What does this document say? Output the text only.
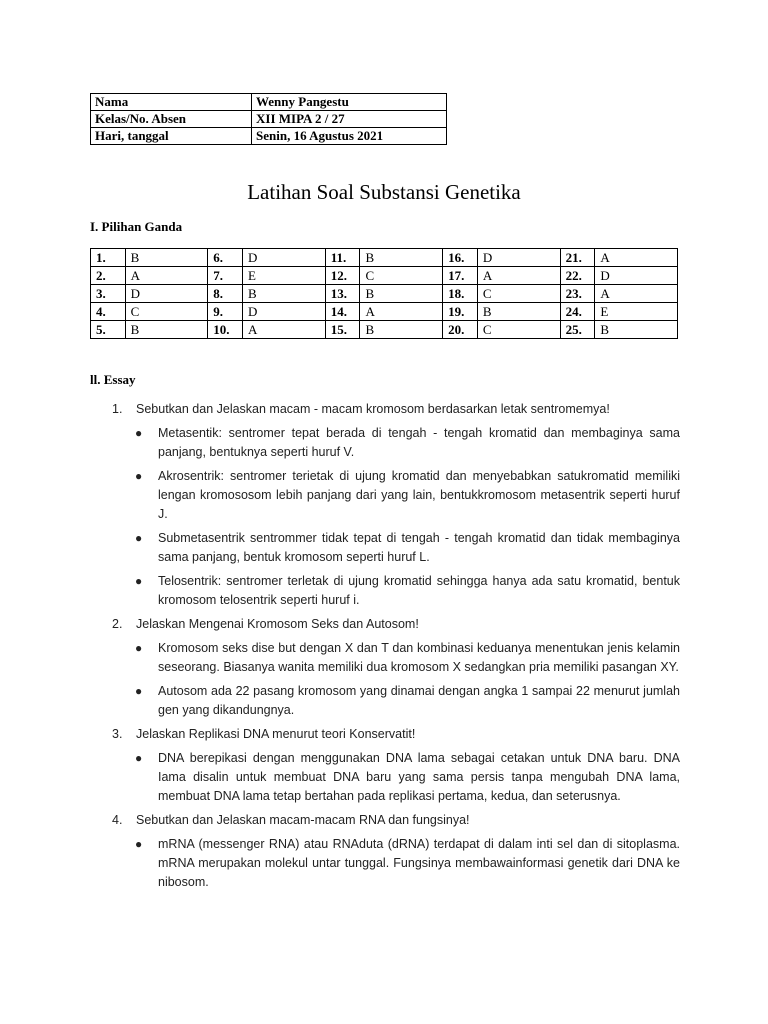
Nama	Wenny Pangestu
Kelas/No. Absen	XII MIPA 2 / 27
Hari, tanggal	Senin, 16 Agustus 2021
Latihan Soal Substansi Genetika
I. Pilihan Ganda
1.	B	6.	D	11.	B	16.	D	21.	A
2.	A	7.	E	12.	C	17.	A	22.	D
3.	D	8.	B	13.	B	18.	C	23.	A
4.	C	9.	D	14.	A	19.	B	24.	E
5.	B	10.	A	15.	B	20.	C	25.	B
ll. Essay
1. Sebutkan dan Jelaskan macam - macam kromosom berdasarkan letak sentromemya!
● Metasentik: sentromer tepat berada di tengah - tengah kromatid dan membaginya sama panjang, bentuknya seperti huruf V.
● Akrosentrik: sentromer terietak di ujung kromatid dan menyebabkan satukromatid memiliki lengan kromososom lebih panjang dari yang lain, bentukkromosom metasentrik seperti huruf J.
● Submetasentrik sentrommer tidak tepat di tengah - tengah kromatid dan tidak membaginya sama panjang, bentuk kromosom seperti huruf L.
● Telosentrik: sentromer terletak di ujung kromatid sehingga hanya ada satu kromatid, bentuk kromosom telosentrik seperti huruf i.
2. Jelaskan Mengenai Kromosom Seks dan Autosom!
● Kromosom seks dise but dengan X dan T dan kombinasi keduanya menentukan jenis kelamin seseorang. Biasanya wanita memiliki dua kromosom X sedangkan pria memiliki pasangan XY.
● Autosom ada 22 pasang kromosom yang dinamai dengan angka 1 sampai 22 menurut jumlah gen yang dikandungnya.
3. Jelaskan Replikasi DNA menurut teori Konservatit!
● DNA berepikasi dengan menggunakan DNA lama sebagai cetakan untuk DNA baru. DNA Iama disalin untuk membuat DNA baru yang sama persis tanpa mengubah DNA lama, membuat DNA lama tetap bertahan pada replikasi pertama, kedua, dan seterusnya.
4. Sebutkan dan Jelaskan macam-macam RNA dan fungsinya!
● mRNA (messenger RNA) atau RNAduta (dRNA) terdapat di dalam inti sel dan di sitoplasma. mRNA merupakan molekul untar tunggal. Fungsinya membawainformasi genetik dari DNA ke nibosom.
